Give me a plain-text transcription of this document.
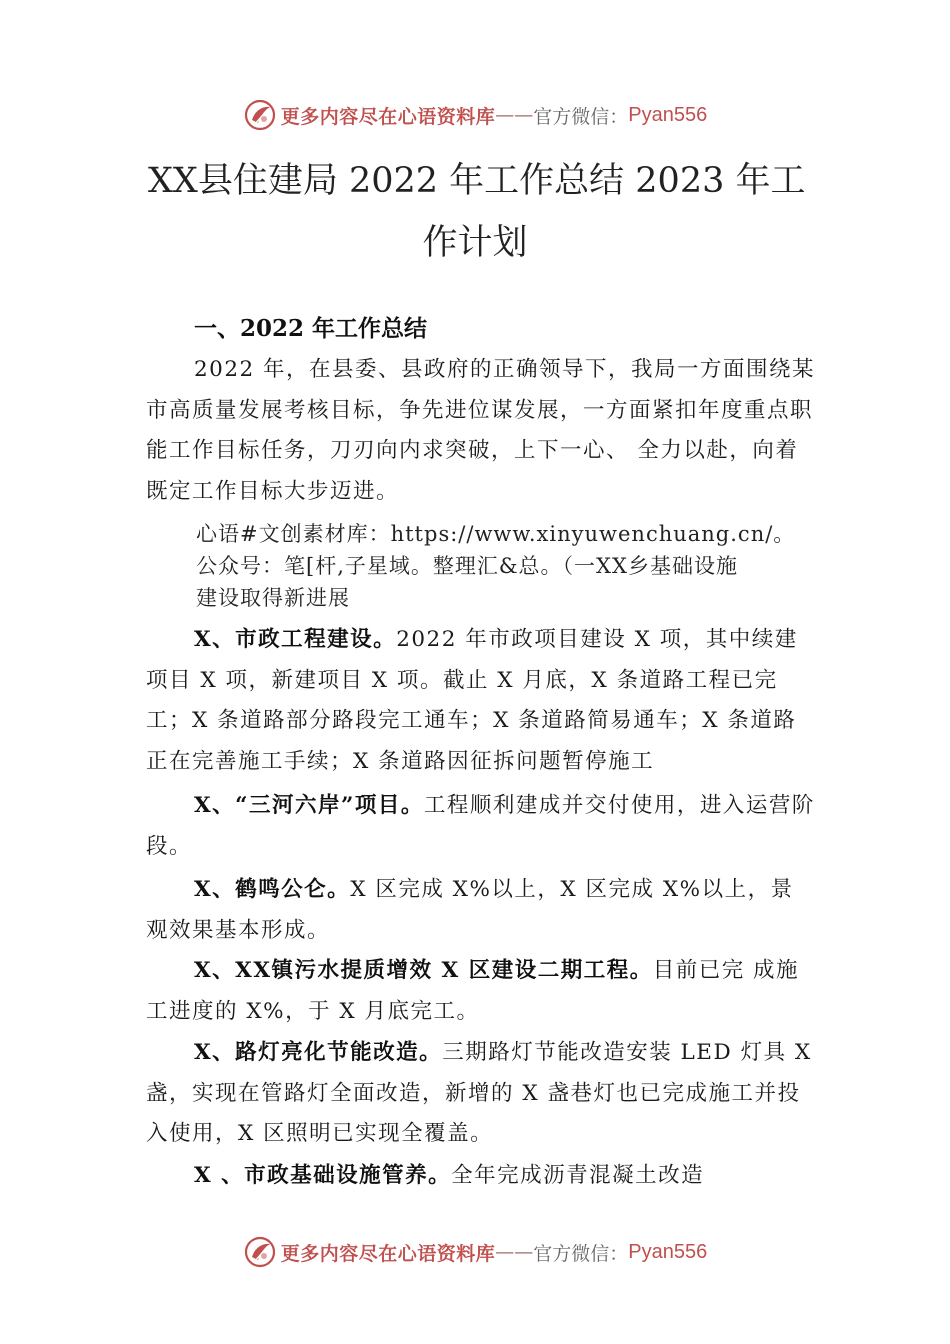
更多内容尽在心语资料库 —— 官方微信： Pyan556
XX县住建局 2022 年工作总结 2023 年工
作计划
一、2022 年工作总结

2022 年，在县委、县政府的正确领导下，我局一方面围绕某市高质量发展考核目标，争先进位谋发展，一方面紧扣年度重点职能工作目标任务，刀刃向内求突破，上下一心、 全力以赴，向着既定工作目标大步迈进。

心语#文创素材库：https://www.xinyuwenchuang.cn/。
公众号：笔[杆,子星域。整理汇&总。（一XX乡基础设施
建设取得新进展

X、市政工程建设。2022 年市政项目建设 X 项，其中续建项目 X 项，新建项目 X 项。截止 X 月底，X 条道路工程已完工；X 条道路部分路段完工通车；X 条道路简易通车；X 条道路正在完善施工手续；X 条道路因征拆问题暂停施工

X、“三河六岸”项目。工程顺利建成并交付使用，进入运营阶段。

X、鹤鸣公仑。X 区完成 X%以上，X 区完成 X%以上，景观效果基本形成。

X、XX镇污水提质增效 X 区建设二期工程。目前已完 成施工进度的 X%，于 X 月底完工。

X、路灯亮化节能改造。三期路灯节能改造安装 LED 灯具 X 盏，实现在管路灯全面改造，新增的 X 盏巷灯也已完成施工并投入使用，X 区照明已实现全覆盖。

X 、市政基础设施管养。全年完成沥青混凝土改造

更多内容尽在心语资料库 —— 官方微信： Pyan556
